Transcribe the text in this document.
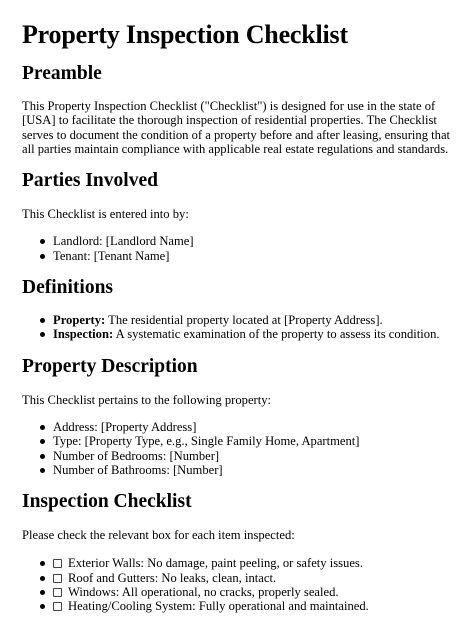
Property Inspection Checklist
Preamble

This Property Inspection Checklist ("Checklist") is designed for use in the state of [USA] to facilitate the thorough inspection of residential properties. The Checklist serves to document the condition of a property before and after leasing, ensuring that all parties maintain compliance with applicable real estate regulations and standards.

Parties Involved

This Checklist is entered into by:

Landlord: [Landlord Name]
Tenant: [Tenant Name]
Definitions
Property: The residential property located at [Property Address].
Inspection: A systematic examination of the property to assess its condition.
Property Description

This Checklist pertains to the following property:

Address: [Property Address]
Type: [Property Type, e.g., Single Family Home, Apartment]
Number of Bedrooms: [Number]
Number of Bathrooms: [Number]
Inspection Checklist

Please check the relevant box for each item inspected:

Exterior Walls: No damage, paint peeling, or safety issues.
Roof and Gutters: No leaks, clean, intact.
Windows: All operational, no cracks, properly sealed.
Heating/Cooling System: Fully operational and maintained.
